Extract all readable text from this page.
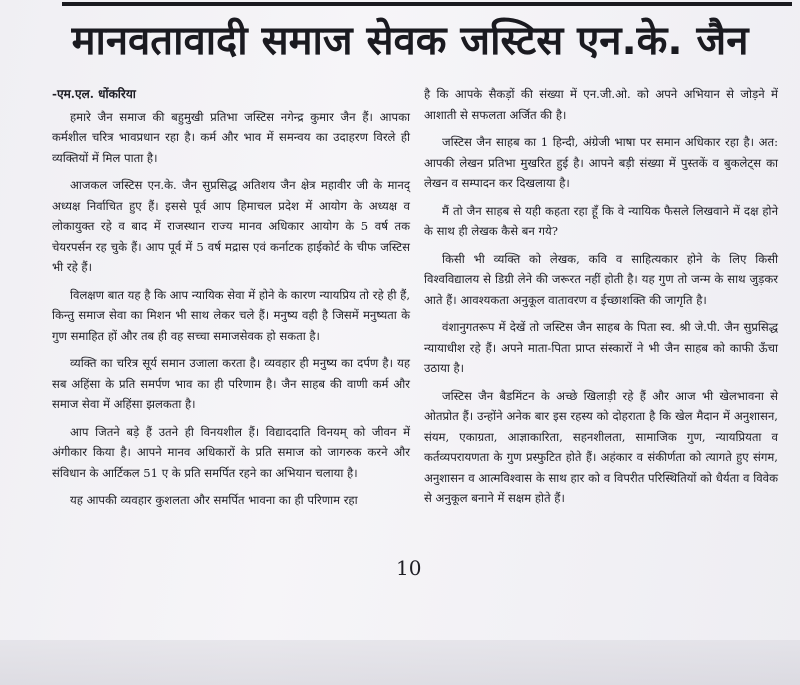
मानवतावादी समाज सेवक जस्टिस एन.के. जैन
-एम.एल. धोंकरिया

हमारे जैन समाज की बहुमुखी प्रतिभा जस्टिस नगेन्द्र कुमार जैन हैं। आपका कर्मशील चरित्र भावप्रधान रहा है। कर्म और भाव में समन्वय का उदाहरण विरले ही व्यक्तियों में मिल पाता है।

आजकल जस्टिस एन.के. जैन सुप्रसिद्ध अतिशय जैन क्षेत्र महावीर जी के मानद् अध्यक्ष निर्वाचित हुए हैं। इससे पूर्व आप हिमाचल प्रदेश में आयोग के अध्यक्ष व लोकायुक्त रहे व बाद में राजस्थान राज्य मानव अधिकार आयोग के 5 वर्ष तक चेयरपर्सन रह चुके हैं। आप पूर्व में 5 वर्ष मद्रास एवं कर्नाटक हाईकोर्ट के चीफ जस्टिस भी रहे हैं।

विलक्षण बात यह है कि आप न्यायिक सेवा में होने के कारण न्यायप्रिय तो रहे ही हैं, किन्तु समाज सेवा का मिशन भी साथ लेकर चले हैं। मनुष्य वही है जिसमें मनुष्यता के गुण समाहित हों और तब ही वह सच्चा समाजसेवक हो सकता है।

व्यक्ति का चरित्र सूर्य समान उजाला करता है। व्यवहार ही मनुष्य का दर्पण है। यह सब अहिंसा के प्रति समर्पण भाव का ही परिणाम है। जैन साहब की वाणी कर्म और समाज सेवा में अहिंसा झलकता है।

आप जितने बड़े हैं उतने ही विनयशील हैं। विद्याददाति विनयम् को जीवन में अंगीकार किया है। आपने मानव अधिकारों के प्रति समाज को जागरुक करने और संविधान के आर्टिकल 51 ए के प्रति समर्पित रहने का अभियान चलाया है।

यह आपकी व्यवहार कुशलता और समर्पित भावना का ही परिणाम रहा

है कि आपके सैकड़ों की संख्या में एन.जी.ओ. को अपने अभियान से जोड़ने में आशाती से सफलता अर्जित की है।

जस्टिस जैन साहब का 1 हिन्दी, अंग्रेजी भाषा पर समान अधिकार रहा है। अत: आपकी लेखन प्रतिभा मुखरित हुई है। आपने बड़ी संख्या में पुस्तकें व बुकलेट्स का लेखन व सम्पादन कर दिखलाया है।

मैं तो जैन साहब से यही कहता रहा हूँ कि वे न्यायिक फैसले लिखवाने में दक्ष होने के साथ ही लेखक कैसे बन गये?

किसी भी व्यक्ति को लेखक, कवि व साहित्यकार होने के लिए किसी विश्वविद्यालय से डिग्री लेने की जरूरत नहीं होती है। यह गुण तो जन्म के साथ जुड़कर आते हैं। आवश्यकता अनुकूल वातावरण व ईच्छाशक्ति की जागृति है।

वंशानुगतरूप में देखें तो जस्टिस जैन साहब के पिता स्व. श्री जे.पी. जैन सुप्रसिद्ध न्यायाधीश रहे हैं। अपने माता-पिता प्राप्त संस्कारों ने भी जैन साहब को काफी ऊँचा उठाया है।

जस्टिस जैन बैडमिंटन के अच्छे खिलाड़ी रहे हैं और आज भी खेलभावना से ओतप्रोत हैं। उन्होंने अनेक बार इस रहस्य को दोहराता है कि खेल मैदान में अनुशासन, संयम, एकाग्रता, आज्ञाकारिता, सहनशीलता, सामाजिक गुण, न्यायप्रियता व कर्तव्यपरायणता के गुण प्रस्फुटित होते हैं। अहंकार व संकीर्णता को त्यागते हुए संगम, अनुशासन व आत्मविश्वास के साथ हार को व विपरीत परिस्थितियों को धैर्यता व विवेक से अनुकूल बनाने में सक्षम होते हैं।

10
